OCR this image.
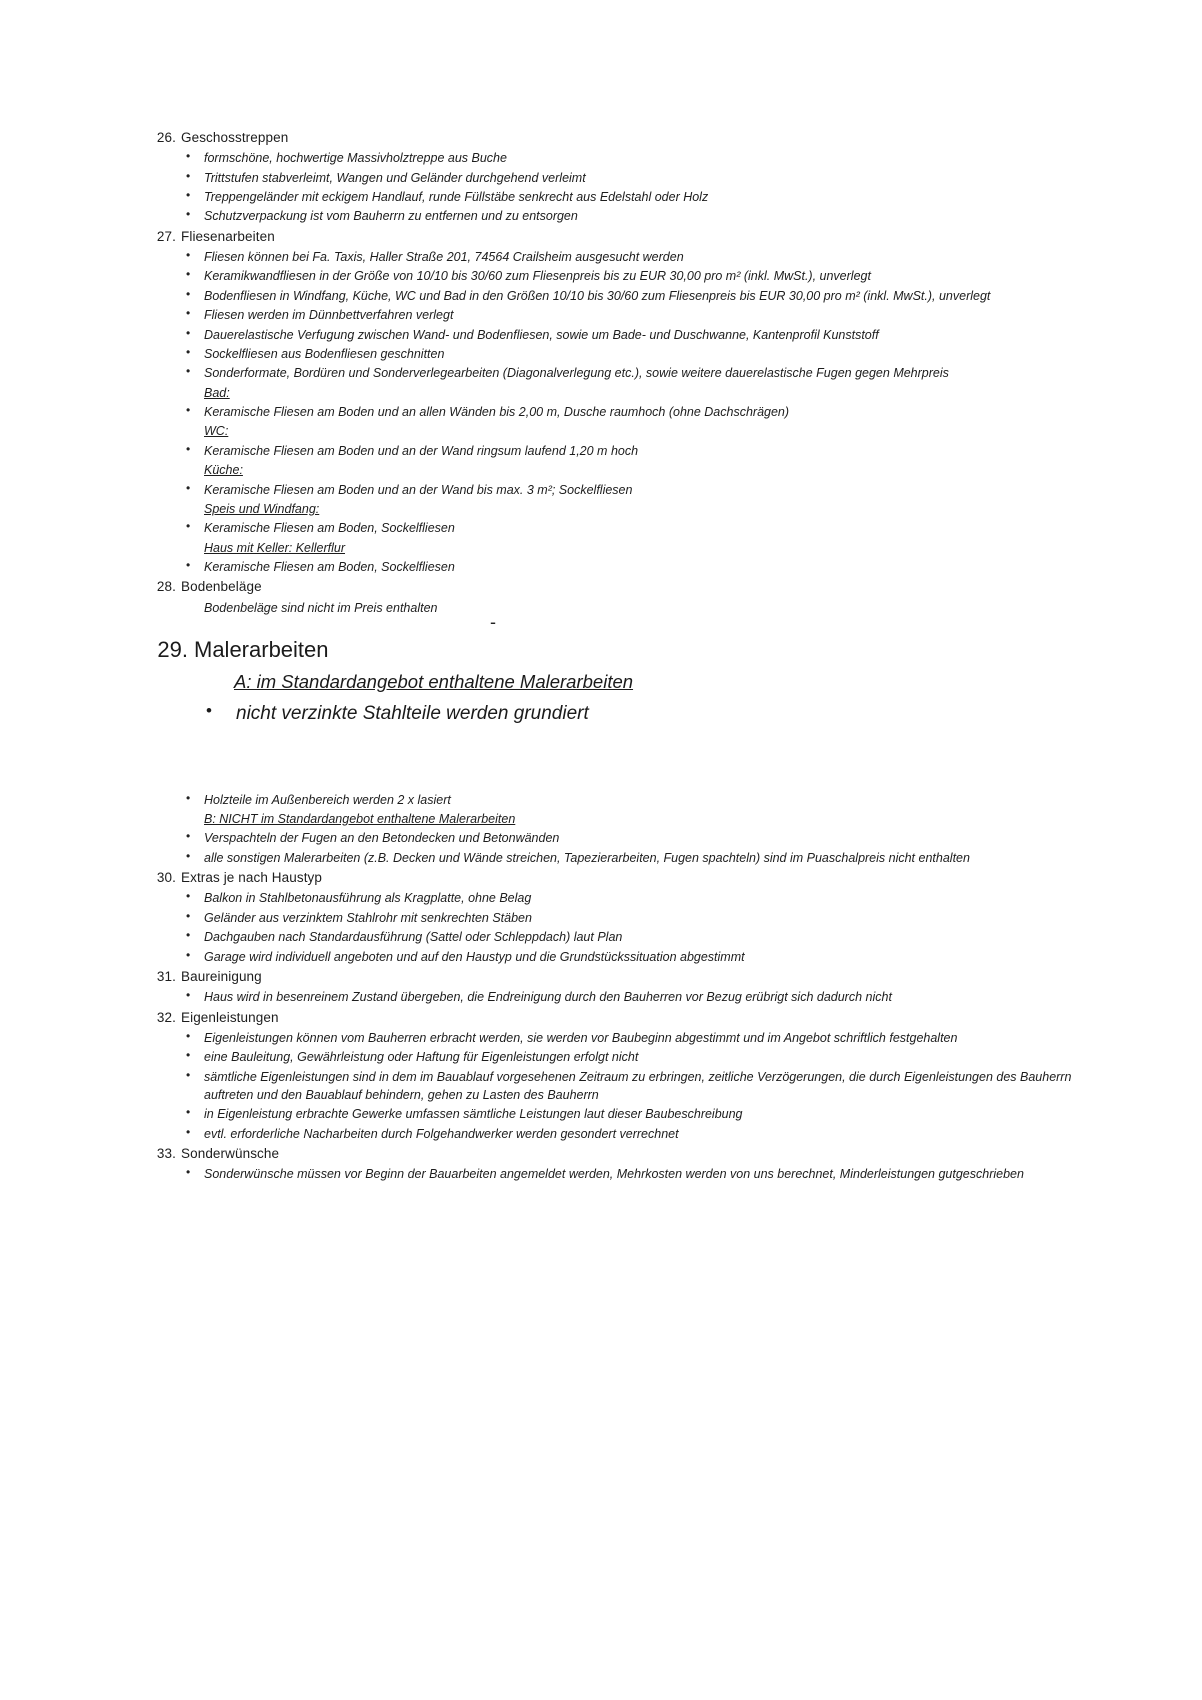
26. Geschosstreppen
• formschöne, hochwertige Massivholztreppe aus Buche
• Trittstufen stabverleimt, Wangen und Geländer durchgehend verleimt
• Treppengeländer mit eckigem Handlauf, runde Füllstäbe senkrecht aus Edelstahl oder Holz
• Schutzverpackung ist vom Bauherrn zu entfernen und zu entsorgen
27. Fliesenarbeiten
• Fliesen können bei Fa. Taxis, Haller Straße 201, 74564 Crailsheim ausgesucht werden
• Keramikwandfliesen in der Größe von 10/10 bis 30/60 zum Fliesenpreis bis zu EUR 30,00 pro m² (inkl. MwSt.), unverlegt
• Bodenfliesen in Windfang, Küche, WC und Bad in den Größen 10/10 bis 30/60 zum Fliesenpreis bis EUR 30,00 pro m² (inkl. MwSt.), unverlegt
• Fliesen werden im Dünnbettverfahren verlegt
• Dauerelastische Verfugung zwischen Wand- und Bodenfliesen, sowie um Bade- und Duschwanne, Kantenprofil Kunststoff
• Sockelfliesen aus Bodenfliesen geschnitten
• Sonderformate, Bordüren und Sonderverlegearbeiten (Diagonalverlegung etc.), sowie weitere dauerelastische Fugen gegen Mehrpreis
Bad:
• Keramische Fliesen am Boden und an allen Wänden bis 2,00 m, Dusche raumhoch (ohne Dachschrägen)
WC:
• Keramische Fliesen am Boden und an der Wand ringsum laufend 1,20 m hoch
Küche:
• Keramische Fliesen am Boden und an der Wand bis max. 3 m²; Sockelfliesen
Speis und Windfang:
• Keramische Fliesen am Boden, Sockelfliesen
Haus mit Keller: Kellerflur
• Keramische Fliesen am Boden, Sockelfliesen
28. Bodenbeläge
Bodenbeläge sind nicht im Preis enthalten
-
29. Malerarbeiten
A: im Standardangebot enthaltene Malerarbeiten
• nicht verzinkte Stahlteile werden grundiert
• Holzteile im Außenbereich werden 2 x lasiert
B: NICHT im Standardangebot enthaltene Malerarbeiten
• Verspachteln der Fugen an den Betondecken und Betonwänden
• alle sonstigen Malerarbeiten (z.B. Decken und Wände streichen, Tapezierarbeiten, Fugen spachteln) sind im Puaschalpreis nicht enthalten
30. Extras je nach Haustyp
• Balkon in Stahlbetonausführung als Kragplatte, ohne Belag
• Geländer aus verzinktem Stahlrohr mit senkrechten Stäben
• Dachgauben nach Standardausführung (Sattel oder Schleppdach) laut Plan
• Garage wird individuell angeboten und auf den Haustyp und die Grundstückssituation abgestimmt
31. Baureinigung
• Haus wird in besenreinem Zustand übergeben, die Endreinigung durch den Bauherren vor Bezug erübrigt sich dadurch nicht
32. Eigenleistungen
• Eigenleistungen können vom Bauherren erbracht werden, sie werden vor Baubeginn abgestimmt und im Angebot schriftlich festgehalten
• eine Bauleitung, Gewährleistung oder Haftung für Eigenleistungen erfolgt nicht
• sämtliche Eigenleistungen sind in dem im Bauablauf vorgesehenen Zeitraum zu erbringen, zeitliche Verzögerungen, die durch Eigenleistungen des Bauherrn auftreten und den Bauablauf behindern, gehen zu Lasten des Bauherrn
• in Eigenleistung erbrachte Gewerke umfassen sämtliche Leistungen laut dieser Baubeschreibung
• evtl. erforderliche Nacharbeiten durch Folgehandwerker werden gesondert verrechnet
33. Sonderwünsche
• Sonderwünsche müssen vor Beginn der Bauarbeiten angemeldet werden, Mehrkosten werden von uns berechnet, Minderleistungen gutgeschrieben
